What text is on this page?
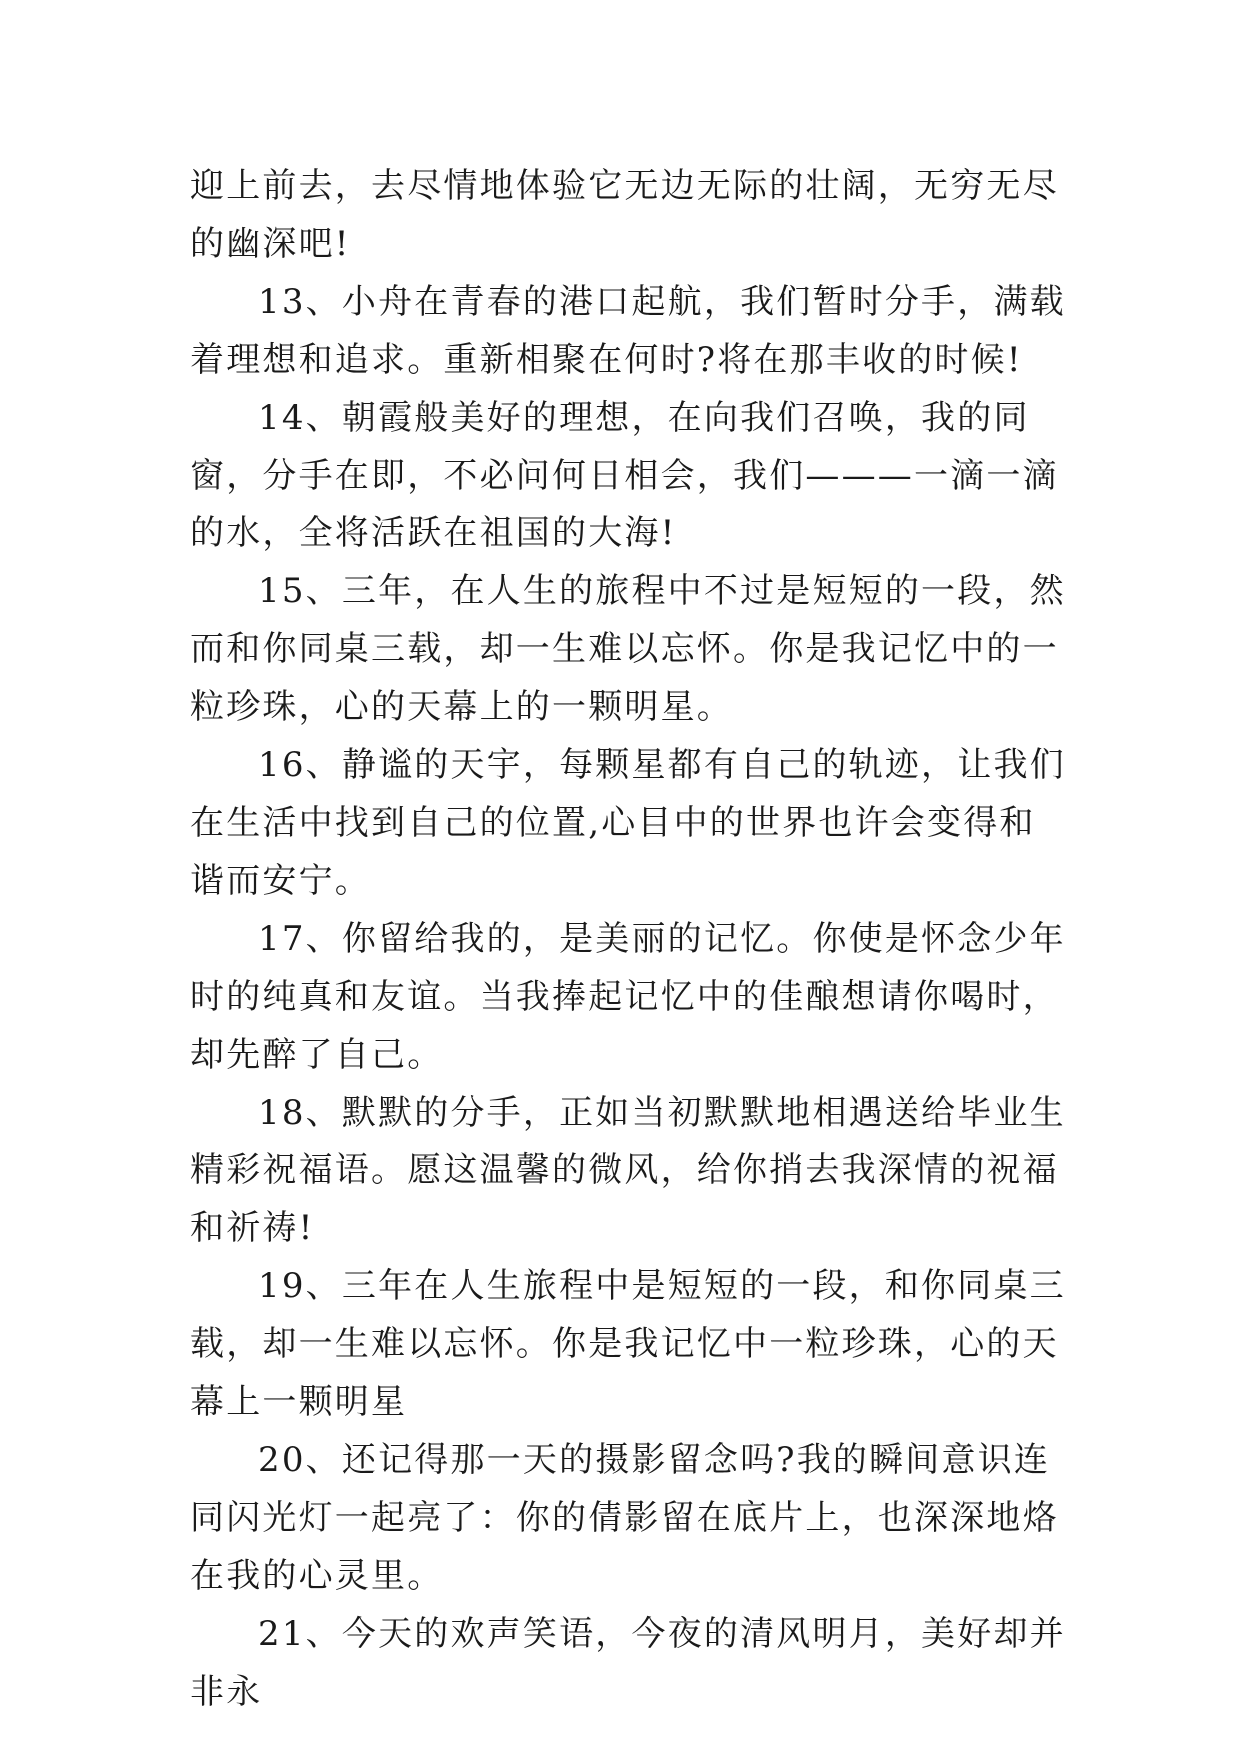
迎上前去，去尽情地体验它无边无际的壮阔，无穷无尽的幽深吧!

13、小舟在青春的港口起航，我们暂时分手，满载着理想和追求。重新相聚在何时?将在那丰收的时候!

14、朝霞般美好的理想，在向我们召唤，我的同窗，分手在即，不必问何日相会，我们———一滴一滴的水，全将活跃在祖国的大海!

15、三年，在人生的旅程中不过是短短的一段，然而和你同桌三载，却一生难以忘怀。你是我记忆中的一粒珍珠，心的天幕上的一颗明星。

16、静谧的天宇，每颗星都有自己的轨迹，让我们在生活中找到自己的位置,心目中的世界也许会变得和谐而安宁。

17、你留给我的，是美丽的记忆。你使是怀念少年时的纯真和友谊。当我捧起记忆中的佳酿想请你喝时，却先醉了自己。

18、默默的分手，正如当初默默地相遇送给毕业生精彩祝福语。愿这温馨的微风，给你捎去我深情的祝福和祈祷!

19、三年在人生旅程中是短短的一段，和你同桌三载，却一生难以忘怀。你是我记忆中一粒珍珠，心的天幕上一颗明星

20、还记得那一天的摄影留念吗?我的瞬间意识连同闪光灯一起亮了：你的倩影留在底片上，也深深地烙在我的心灵里。

21、今天的欢声笑语，今夜的清风明月，美好却并非永
